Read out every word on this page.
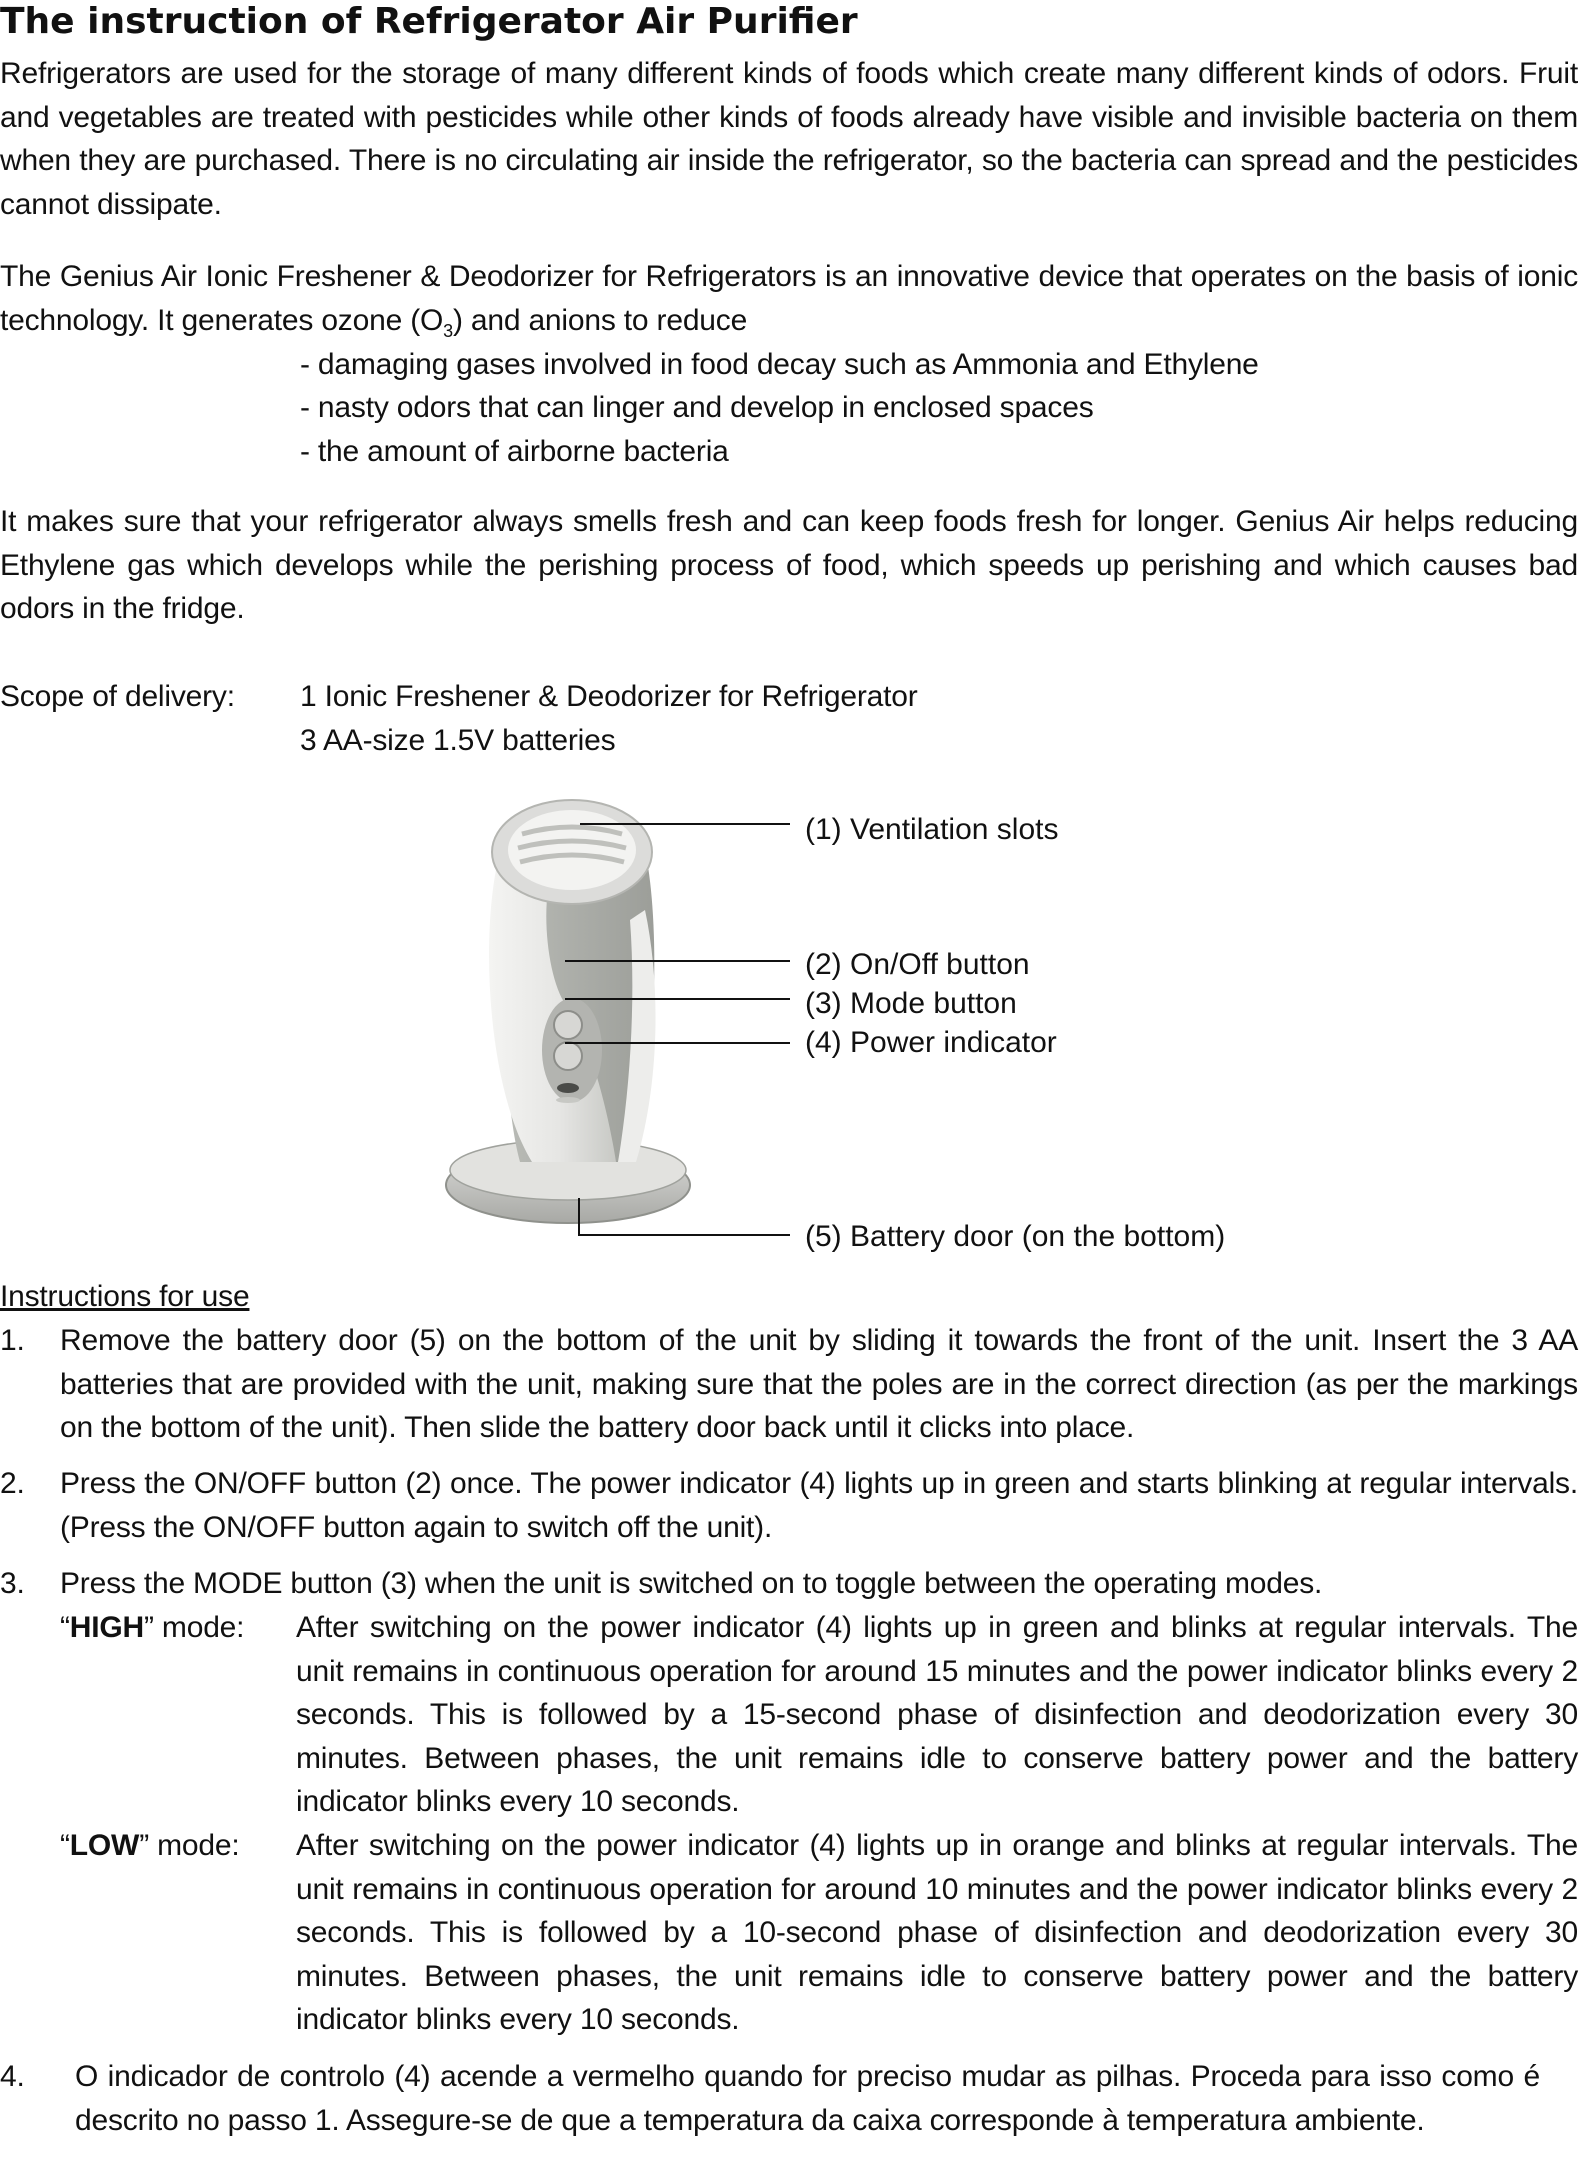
The instruction of Refrigerator Air Purifier

Refrigerators are used for the storage of many different kinds of foods which create many different kinds of odors. Fruit and vegetables are treated with pesticides while other kinds of foods already have visible and invisible bacteria on them when they are purchased. There is no circulating air inside the refrigerator, so the bacteria can spread and the pesticides cannot dissipate.

The Genius Air Ionic Freshener & Deodorizer for Refrigerators is an innovative device that operates on the basis of ionic technology. It generates ozone $(O_3)$ and anions to reduce

- damaging gases involved in food decay such as Ammonia and Ethylene

- nasty odors that can linger and develop in enclosed spaces

- the amount of airborne bacteria

It makes sure that your refrigerator always smells fresh and can keep foods fresh for longer. Genius Air helps reducing Ethylene gas which develops while the perishing process of food, which speeds up perishing and which causes bad odors in the fridge.

Scope of delivery: 1 Ionic Freshener & Deodorizer for Refrigerator

3 AA-size 1.5V batteries

(1) Ventilation slots

(2) On/Off button

(3) Mode button

(4) Power indicator

(5) Battery door (on the bottom)

Instructions for use

1. Remove the battery door (5) on the bottom of the unit by sliding it towards the front of the unit. Insert the 3 AA batteries that are provided with the unit, making sure that the poles are in the correct direction (as per the markings on the bottom of the unit). Then slide the battery door back until it clicks into place.

2. Press the ON/OFF button (2) once. The power indicator (4) lights up in green and starts blinking at regular intervals. (Press the ON/OFF button again to switch off the unit).

3. Press the MODE button (3) when the unit is switched on to toggle between the operating modes.

“HIGH” mode: After switching on the power indicator (4) lights up in green and blinks at regular intervals. The unit remains in continuous operation for around 15 minutes and the power indicator blinks every 2 seconds. This is followed by a 15-second phase of disinfection and deodorization every 30 minutes. Between phases, the unit remains idle to conserve battery power and the battery indicator blinks every 10 seconds.

“LOW” mode: After switching on the power indicator (4) lights up in orange and blinks at regular intervals. The unit remains in continuous operation for around 10 minutes and the power indicator blinks every 2 seconds. This is followed by a 10-second phase of disinfection and deodorization every 30 minutes. Between phases, the unit remains idle to conserve battery power and the battery indicator blinks every 10 seconds.

4. O indicador de controlo (4) acende a vermelho quando for preciso mudar as pilhas. Proceda para isso como é descrito no passo 1. Assegure-se de que a temperatura da caixa corresponde à temperatura ambiente.
